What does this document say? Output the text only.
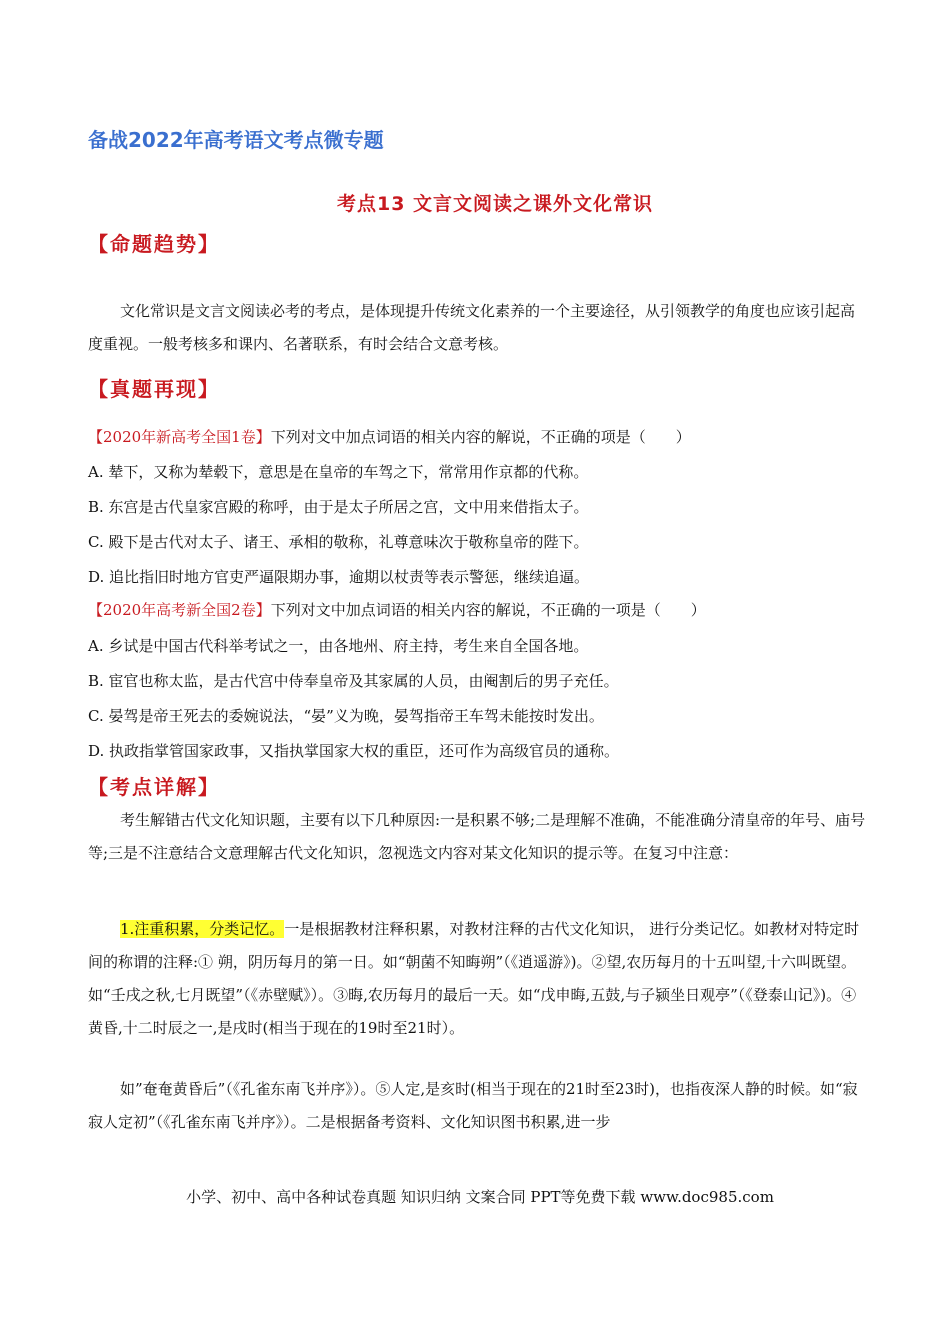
备战2022年高考语文考点微专题
考点13 文言文阅读之课外文化常识
【命题趋势】
文化常识是文言文阅读必考的考点，是体现提升传统文化素养的一个主要途径，从引领教学的角度也应该引起高度重视。一般考核多和课内、名著联系，有时会结合文意考核。
【真题再现】
【2020年新高考全国1卷】下列对文中加点词语的相关内容的解说，不正确的项是（　　）
A. 辇下，又称为辇毂下，意思是在皇帝的车驾之下，常常用作京都的代称。
B. 东宫是古代皇家宫殿的称呼，由于是太子所居之宫，文中用来借指太子。
C. 殿下是古代对太子、诸王、承相的敬称，礼尊意味次于敬称皇帝的陛下。
D. 追比指旧时地方官吏严逼限期办事，逾期以杖责等表示警惩，继续追逼。
【2020年高考新全国2卷】下列对文中加点词语的相关内容的解说，不正确的一项是（　　）
A. 乡试是中国古代科举考试之一，由各地州、府主持，考生来自全国各地。
B. 宦官也称太监，是古代宫中侍奉皇帝及其家属的人员，由阉割后的男子充任。
C. 晏驾是帝王死去的委婉说法，“晏”义为晚，晏驾指帝王车驾未能按时发出。
D. 执政指掌管国家政事，又指执掌国家大权的重臣，还可作为高级官员的通称。
【考点详解】
考生解错古代文化知识题，主要有以下几种原因:一是积累不够;二是理解不准确，不能准确分清皇帝的年号、庙号等;三是不注意结合文意理解古代文化知识，忽视选文内容对某文化知识的提示等。在复习中注意：
1.注重积累，分类记忆。一是根据教材注释积累，对教材注释的古代文化知识， 进行分类记忆。如教材对特定时间的称谓的注释:① 朔，阴历每月的第一日。如“朝菌不知晦朔”（《逍遥游》)。②望,农历每月的十五叫望,十六叫既望。如“壬戌之秋,七月既望”（《赤壁赋》）。③晦,农历每月的最后一天。如“戊申晦,五鼓,与子颍坐日观亭”（《登泰山记》)。④黄昏,十二时辰之一,是戌时(相当于现在的19时至21时）。
如”奄奄黄昏后”（《孔雀东南飞并序》）。⑤人定,是亥时(相当于现在的21时至23时)，也指夜深人静的时候。如“寂寂人定初”（《孔雀东南飞并序》）。二是根据备考资料、文化知识图书积累,进一步
小学、初中、高中各种试卷真题 知识归纳 文案合同 PPT等免费下载 www.doc985.com
